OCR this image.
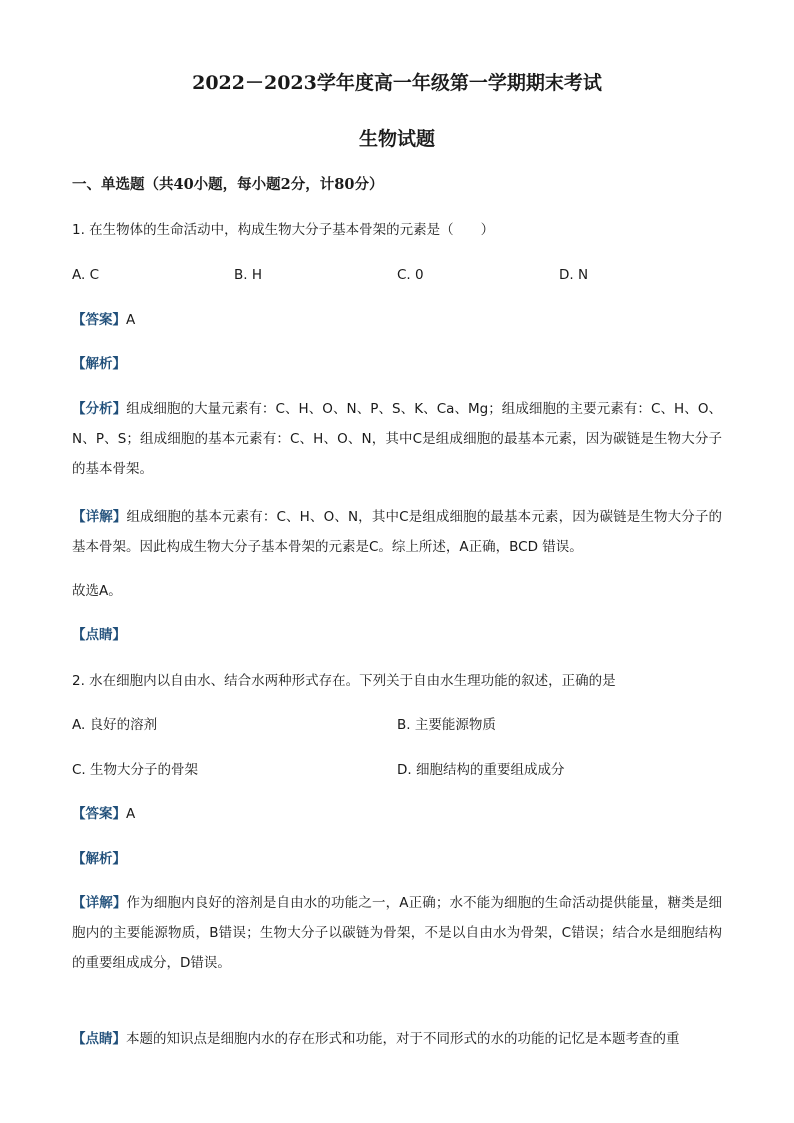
2022－2023学年度高一年级第一学期期末考试
生物试题
一、单选题（共40小题，每小题2分，计80分）
1. 在生物体的生命活动中，构成生物大分子基本骨架的元素是（　　）
A. C	B. H	C. 0	D. N
【答案】A
【解析】
【分析】组成细胞的大量元素有：C、H、O、N、P、S、K、Ca、Mg；组成细胞的主要元素有：C、H、O、N、P、S；组成细胞的基本元素有：C、H、O、N，其中C是组成细胞的最基本元素，因为碳链是生物大分子的基本骨架。
【详解】组成细胞的基本元素有：C、H、O、N，其中C是组成细胞的最基本元素，因为碳链是生物大分子的基本骨架。因此构成生物大分子基本骨架的元素是C。综上所述，A正确，BCD 错误。
故选A。
【点睛】
2. 水在细胞内以自由水、结合水两种形式存在。下列关于自由水生理功能的叙述，正确的是
A. 良好的溶剂	B. 主要能源物质
C. 生物大分子的骨架	D. 细胞结构的重要组成成分
【答案】A
【解析】
【详解】作为细胞内良好的溶剂是自由水的功能之一，A正确；水不能为细胞的生命活动提供能量，糖类是细胞内的主要能源物质，B错误；生物大分子以碳链为骨架，不是以自由水为骨架，C错误；结合水是细胞结构的重要组成成分，D错误。
【点睛】本题的知识点是细胞内水的存在形式和功能，对于不同形式的水的功能的记忆是本题考查的重
